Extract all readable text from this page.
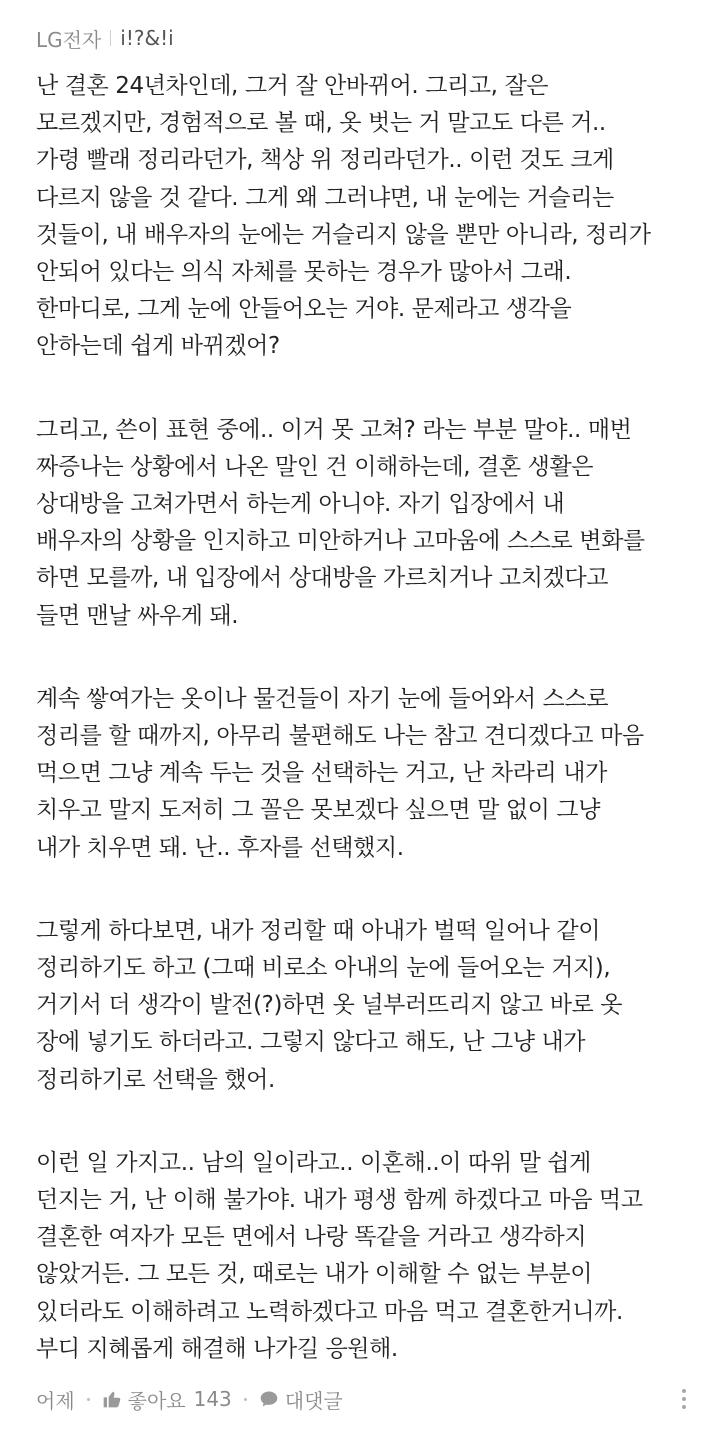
LG전자 i!?&!i

난 결혼 24년차인데, 그거 잘 안바뀌어. 그리고, 잘은
모르겠지만, 경험적으로 볼 때, 옷 벗는 거 말고도 다른 거..
가령 빨래 정리라던가, 책상 위 정리라던가.. 이런 것도 크게
다르지 않을 것 같다. 그게 왜 그러냐면, 내 눈에는 거슬리는
것들이, 내 배우자의 눈에는 거슬리지 않을 뿐만 아니라, 정리가
안되어 있다는 의식 자체를 못하는 경우가 많아서 그래.
한마디로, 그게 눈에 안들어오는 거야. 문제라고 생각을
안하는데 쉽게 바뀌겠어?

그리고, 쓴이 표현 중에.. 이거 못 고쳐? 라는 부분 말야.. 매번
짜증나는 상황에서 나온 말인 건 이해하는데, 결혼 생활은
상대방을 고쳐가면서 하는게 아니야. 자기 입장에서 내
배우자의 상황을 인지하고 미안하거나 고마움에 스스로 변화를
하면 모를까, 내 입장에서 상대방을 가르치거나 고치겠다고
들면 맨날 싸우게 돼.

계속 쌓여가는 옷이나 물건들이 자기 눈에 들어와서 스스로
정리를 할 때까지, 아무리 불편해도 나는 참고 견디겠다고 마음
먹으면 그냥 계속 두는 것을 선택하는 거고, 난 차라리 내가
치우고 말지 도저히 그 꼴은 못보겠다 싶으면 말 없이 그냥
내가 치우면 돼. 난.. 후자를 선택했지.

그렇게 하다보면, 내가 정리할 때 아내가 벌떡 일어나 같이
정리하기도 하고 (그때 비로소 아내의 눈에 들어오는 거지),
거기서 더 생각이 발전(?)하면 옷 널부러뜨리지 않고 바로 옷
장에 넣기도 하더라고. 그렇지 않다고 해도, 난 그냥 내가
정리하기로 선택을 했어.

이런 일 가지고.. 남의 일이라고.. 이혼해..이 따위 말 쉽게
던지는 거, 난 이해 불가야. 내가 평생 함께 하겠다고 마음 먹고
결혼한 여자가 모든 면에서 나랑 똑같을 거라고 생각하지
않았거든. 그 모든 것, 때로는 내가 이해할 수 없는 부분이
있더라도 이해하려고 노력하겠다고 마음 먹고 결혼한거니까.
부디 지혜롭게 해결해 나가길 응원해.

어제	좋아요 143	대댓글
